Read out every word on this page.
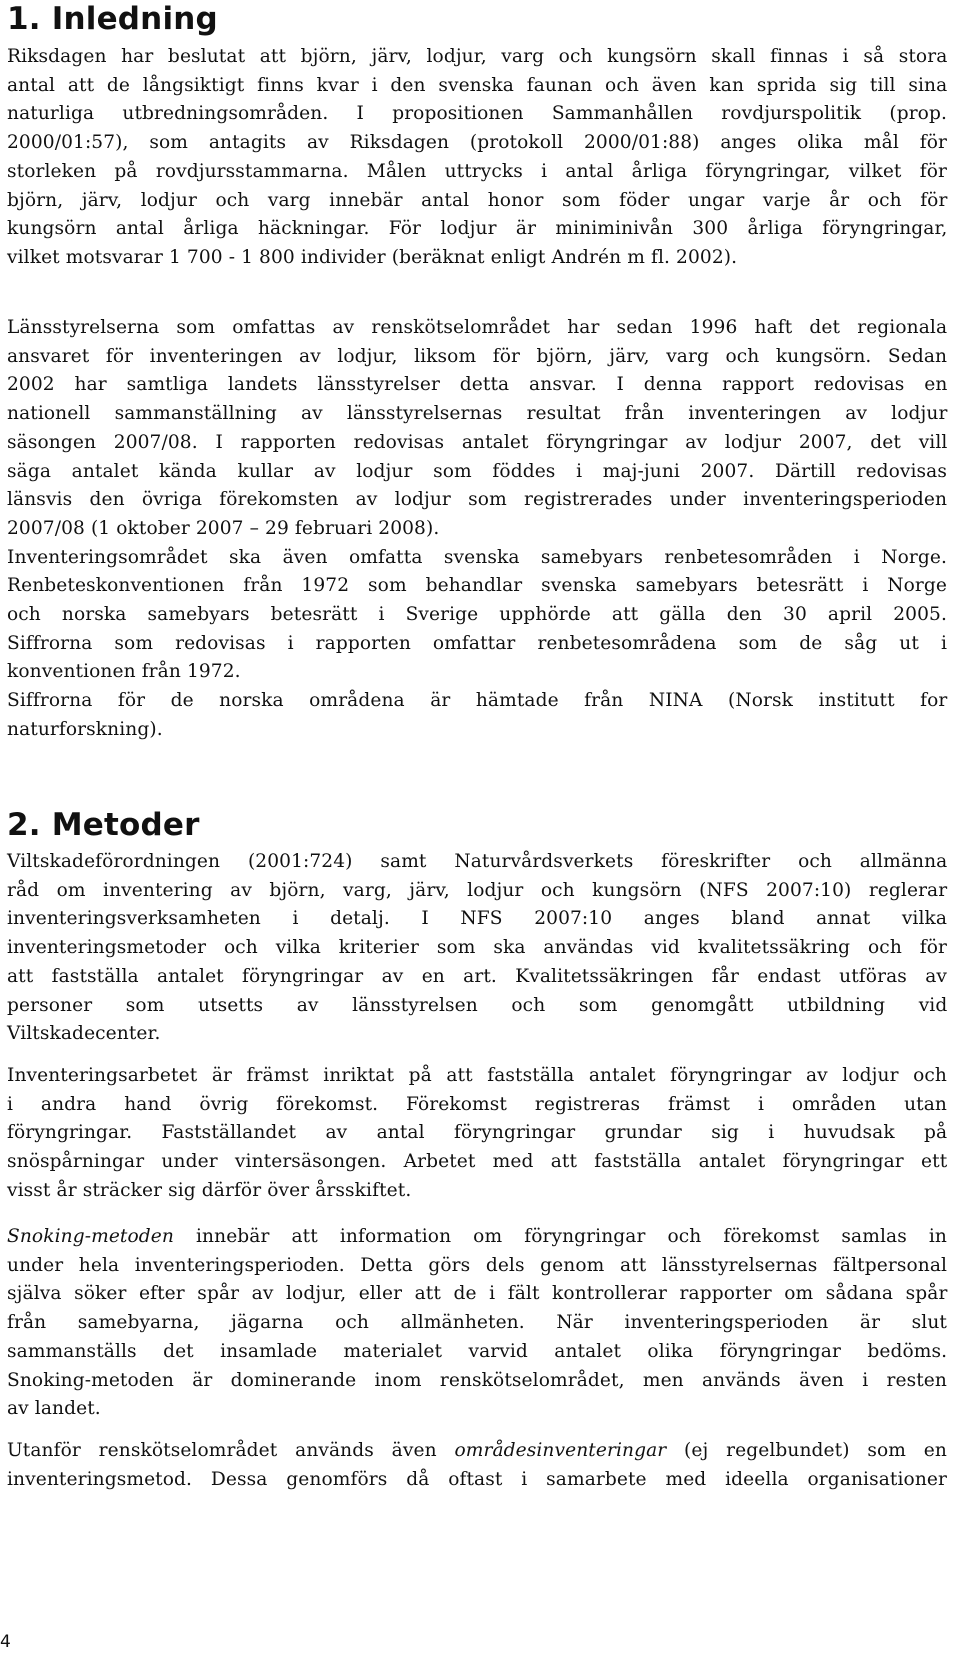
1. Inledning
Riksdagen har beslutat att björn, järv, lodjur, varg och kungsörn skall finnas i så stora
antal att de långsiktigt finns kvar i den svenska faunan och även kan sprida sig till sina
naturliga utbredningsområden. I propositionen Sammanhållen rovdjurspolitik (prop.
2000/01:57), som antagits av Riksdagen (protokoll 2000/01:88) anges olika mål för
storleken på rovdjursstammarna. Målen uttrycks i antal årliga föryngringar, vilket för
björn, järv, lodjur och varg innebär antal honor som föder ungar varje år och för
kungsörn antal årliga häckningar. För lodjur är miniminivån 300 årliga föryngringar,
vilket motsvarar 1 700 - 1 800 individer (beräknat enligt Andrén m fl. 2002).
Länsstyrelserna som omfattas av renskötselområdet har sedan 1996 haft det regionala
ansvaret för inventeringen av lodjur, liksom för björn, järv, varg och kungsörn. Sedan
2002 har samtliga landets länsstyrelser detta ansvar. I denna rapport redovisas en
nationell sammanställning av länsstyrelsernas resultat från inventeringen av lodjur
säsongen 2007/08. I rapporten redovisas antalet föryngringar av lodjur 2007, det vill
säga antalet kända kullar av lodjur som föddes i maj-juni 2007. Därtill redovisas
länsvis den övriga förekomsten av lodjur som registrerades under inventeringsperioden
2007/08 (1 oktober 2007 – 29 februari 2008).
Inventeringsområdet ska även omfatta svenska samebyars renbetesområden i Norge.
Renbeteskonventionen från 1972 som behandlar svenska samebyars betesrätt i Norge
och norska samebyars betesrätt i Sverige upphörde att gälla den 30 april 2005.
Siffrorna som redovisas i rapporten omfattar renbetesområdena som de såg ut i
konventionen från 1972.
Siffrorna för de norska områdena är hämtade från NINA (Norsk institutt for
naturforskning).
2. Metoder
Viltskadeförordningen (2001:724) samt Naturvårdsverkets föreskrifter och allmänna
råd om inventering av björn, varg, järv, lodjur och kungsörn (NFS 2007:10) reglerar
inventeringsverksamheten i detalj. I NFS 2007:10 anges bland annat vilka
inventeringsmetoder och vilka kriterier som ska användas vid kvalitetssäkring och för
att fastställa antalet föryngringar av en art. Kvalitetssäkringen får endast utföras av
personer som utsetts av länsstyrelsen och som genomgått utbildning vid
Viltskadecenter.
Inventeringsarbetet är främst inriktat på att fastställa antalet föryngringar av lodjur och
i andra hand övrig förekomst. Förekomst registreras främst i områden utan
föryngringar. Fastställandet av antal föryngringar grundar sig i huvudsak på
snöspårningar under vintersäsongen. Arbetet med att fastställa antalet föryngringar ett
visst år sträcker sig därför över årsskiftet.
Snoking-metoden innebär att information om föryngringar och förekomst samlas in
under hela inventeringsperioden. Detta görs dels genom att länsstyrelsernas fältpersonal
själva söker efter spår av lodjur, eller att de i fält kontrollerar rapporter om sådana spår
från samebyarna, jägarna och allmänheten. När inventeringsperioden är slut
sammanställs det insamlade materialet varvid antalet olika föryngringar bedöms.
Snoking-metoden är dominerande inom renskötselområdet, men används även i resten
av landet.
Utanför renskötselområdet används även områdesinventeringar (ej regelbundet) som en
inventeringsmetod. Dessa genomförs då oftast i samarbete med ideella organisationer
4
